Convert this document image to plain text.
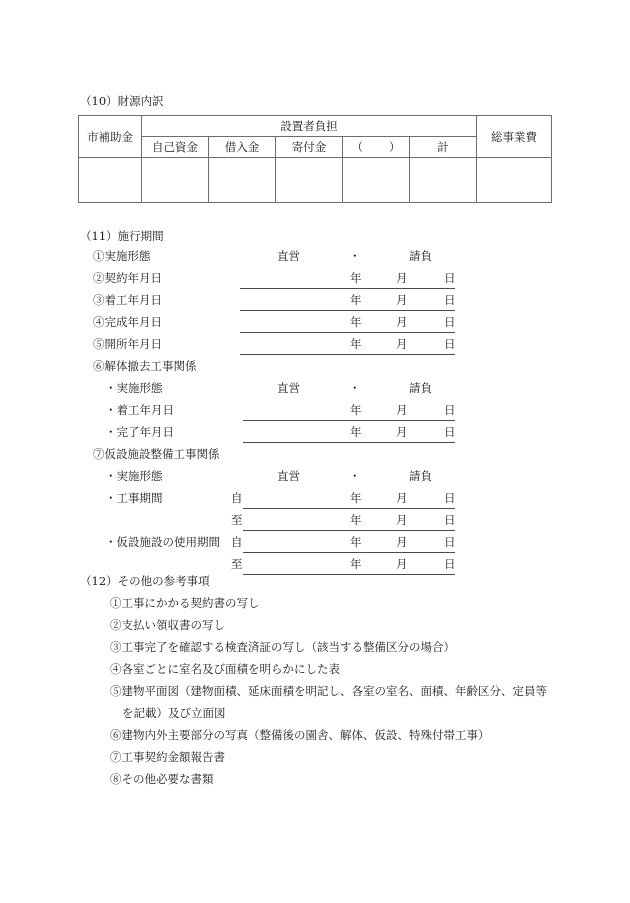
（10）財源内訳
市補助金	設置者負担					総事業費
	自己資金	借入金	寄付金	（ ）	計	

（11）施行期間
①実施形態	直営	・	請負
②契約年月日	年	月	日
③着工年月日	年	月	日
④完成年月日	年	月	日
⑤開所年月日	年	月	日
⑥解体撤去工事関係
・実施形態	直営	・	請負
・着工年月日	年	月	日
・完了年月日	年	月	日
⑦仮設施設整備工事関係
・実施形態	直営	・	請負
・工事期間	自	年	月	日
至	年	月	日
・仮設施設の使用期間 自	年	月	日
至	年	月	日
（12）その他の参考事項
①工事にかかる契約書の写し
②支払い領収書の写し
③工事完了を確認する検査済証の写し（該当する整備区分の場合）
④各室ごとに室名及び面積を明らかにした表
⑤建物平面図（建物面積、延床面積を明記し、各室の室名、面積、年齢区分、定員等
を記載）及び立面図
⑥建物内外主要部分の写真（整備後の園舎、解体、仮設、特殊付帯工事）
⑦工事契約金額報告書
⑧その他必要な書類
